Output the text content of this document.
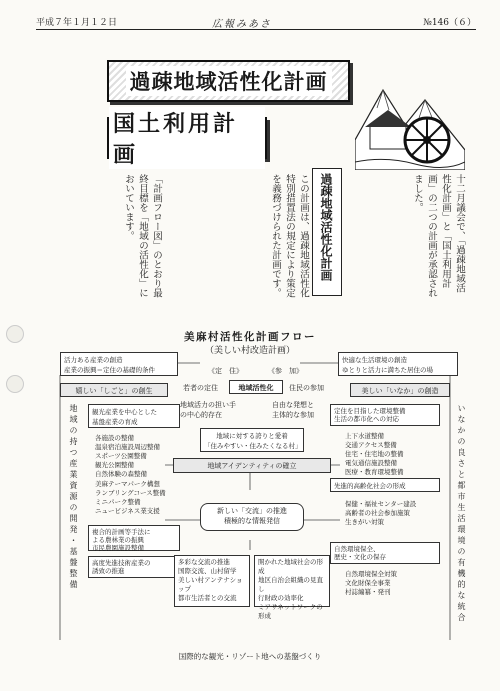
平成７年１月１２日	広報みあさ	№146（６）
過疎地域活性化計画
国土利用計画
十二月議会で、「過疎地域活性化計画」と「国土利用計画」の二つの計画が承認されました。
過疎地域活性化計画
この計画は、過疎地域活性化特別措置法の規定により策定を義務づけられた計画です。
「計画フロー図」のとおり最終目標を「地域の活性化」においています。
美麻村活性化計画フロー
（美しい村改造計画）
活力ある産業の創造
産業の振興＝定住の基礎的条件
快適な生活環境の創造
ゆとりと活力に満ちた居住の場
嬉しい「しごと」の創生	美しい「いなか」の創造
《定　住》	《参　加》
地域活性化
若者の定住	住民の参加
地域活力の担い手
の中心的存在
自由な発想と
主体的な参加
地域に対する誇りと愛着
「住みやすい・住みたくなる村」
地域アイデンティティの確立
新しい「交流」の推進
積極的な情報発信
地域の持つ産業資源の開発・基盤整備	観光産業を中心とした
基盤産業の育成
各施設の整備
温泉宿泊施設周辺整備
スポーツ公園整備
観光公園整備
自然体験の森整備
美麻テーマパーク構想
ランブリングコース整備
ミニパーク整備
ニュービジネス業支援
複合的計画等手法に
よる農林業の振興
市民農園施設整備
高度先進技術産業の
誘致の推進
定住を目指した環境整備
生活の都市化への対応
上下水道整備
交通アクセス整備
住宅・住宅地の整備
電気通信施設整備
医療・教育環境整備
先進的高齢化社会の形成
保健・福祉センター建設
高齢者の社会参加施策
生きがい対策
自然環境保全、
歴史・文化の保存
自然環境保全対策
文化財保全事業
村誌編纂・発刊	いなかの良さと都市生活環境の有機的な統合
多彩な交流の推進
国際交流、山村留学
美しい村アンテナショップ
都市生活者との交流
開かれた地域社会の形成
地区自治会組織の見直し
行財政の効率化
ミアサネットワークの形成
国際的な観光・リゾート地への基盤づくり
